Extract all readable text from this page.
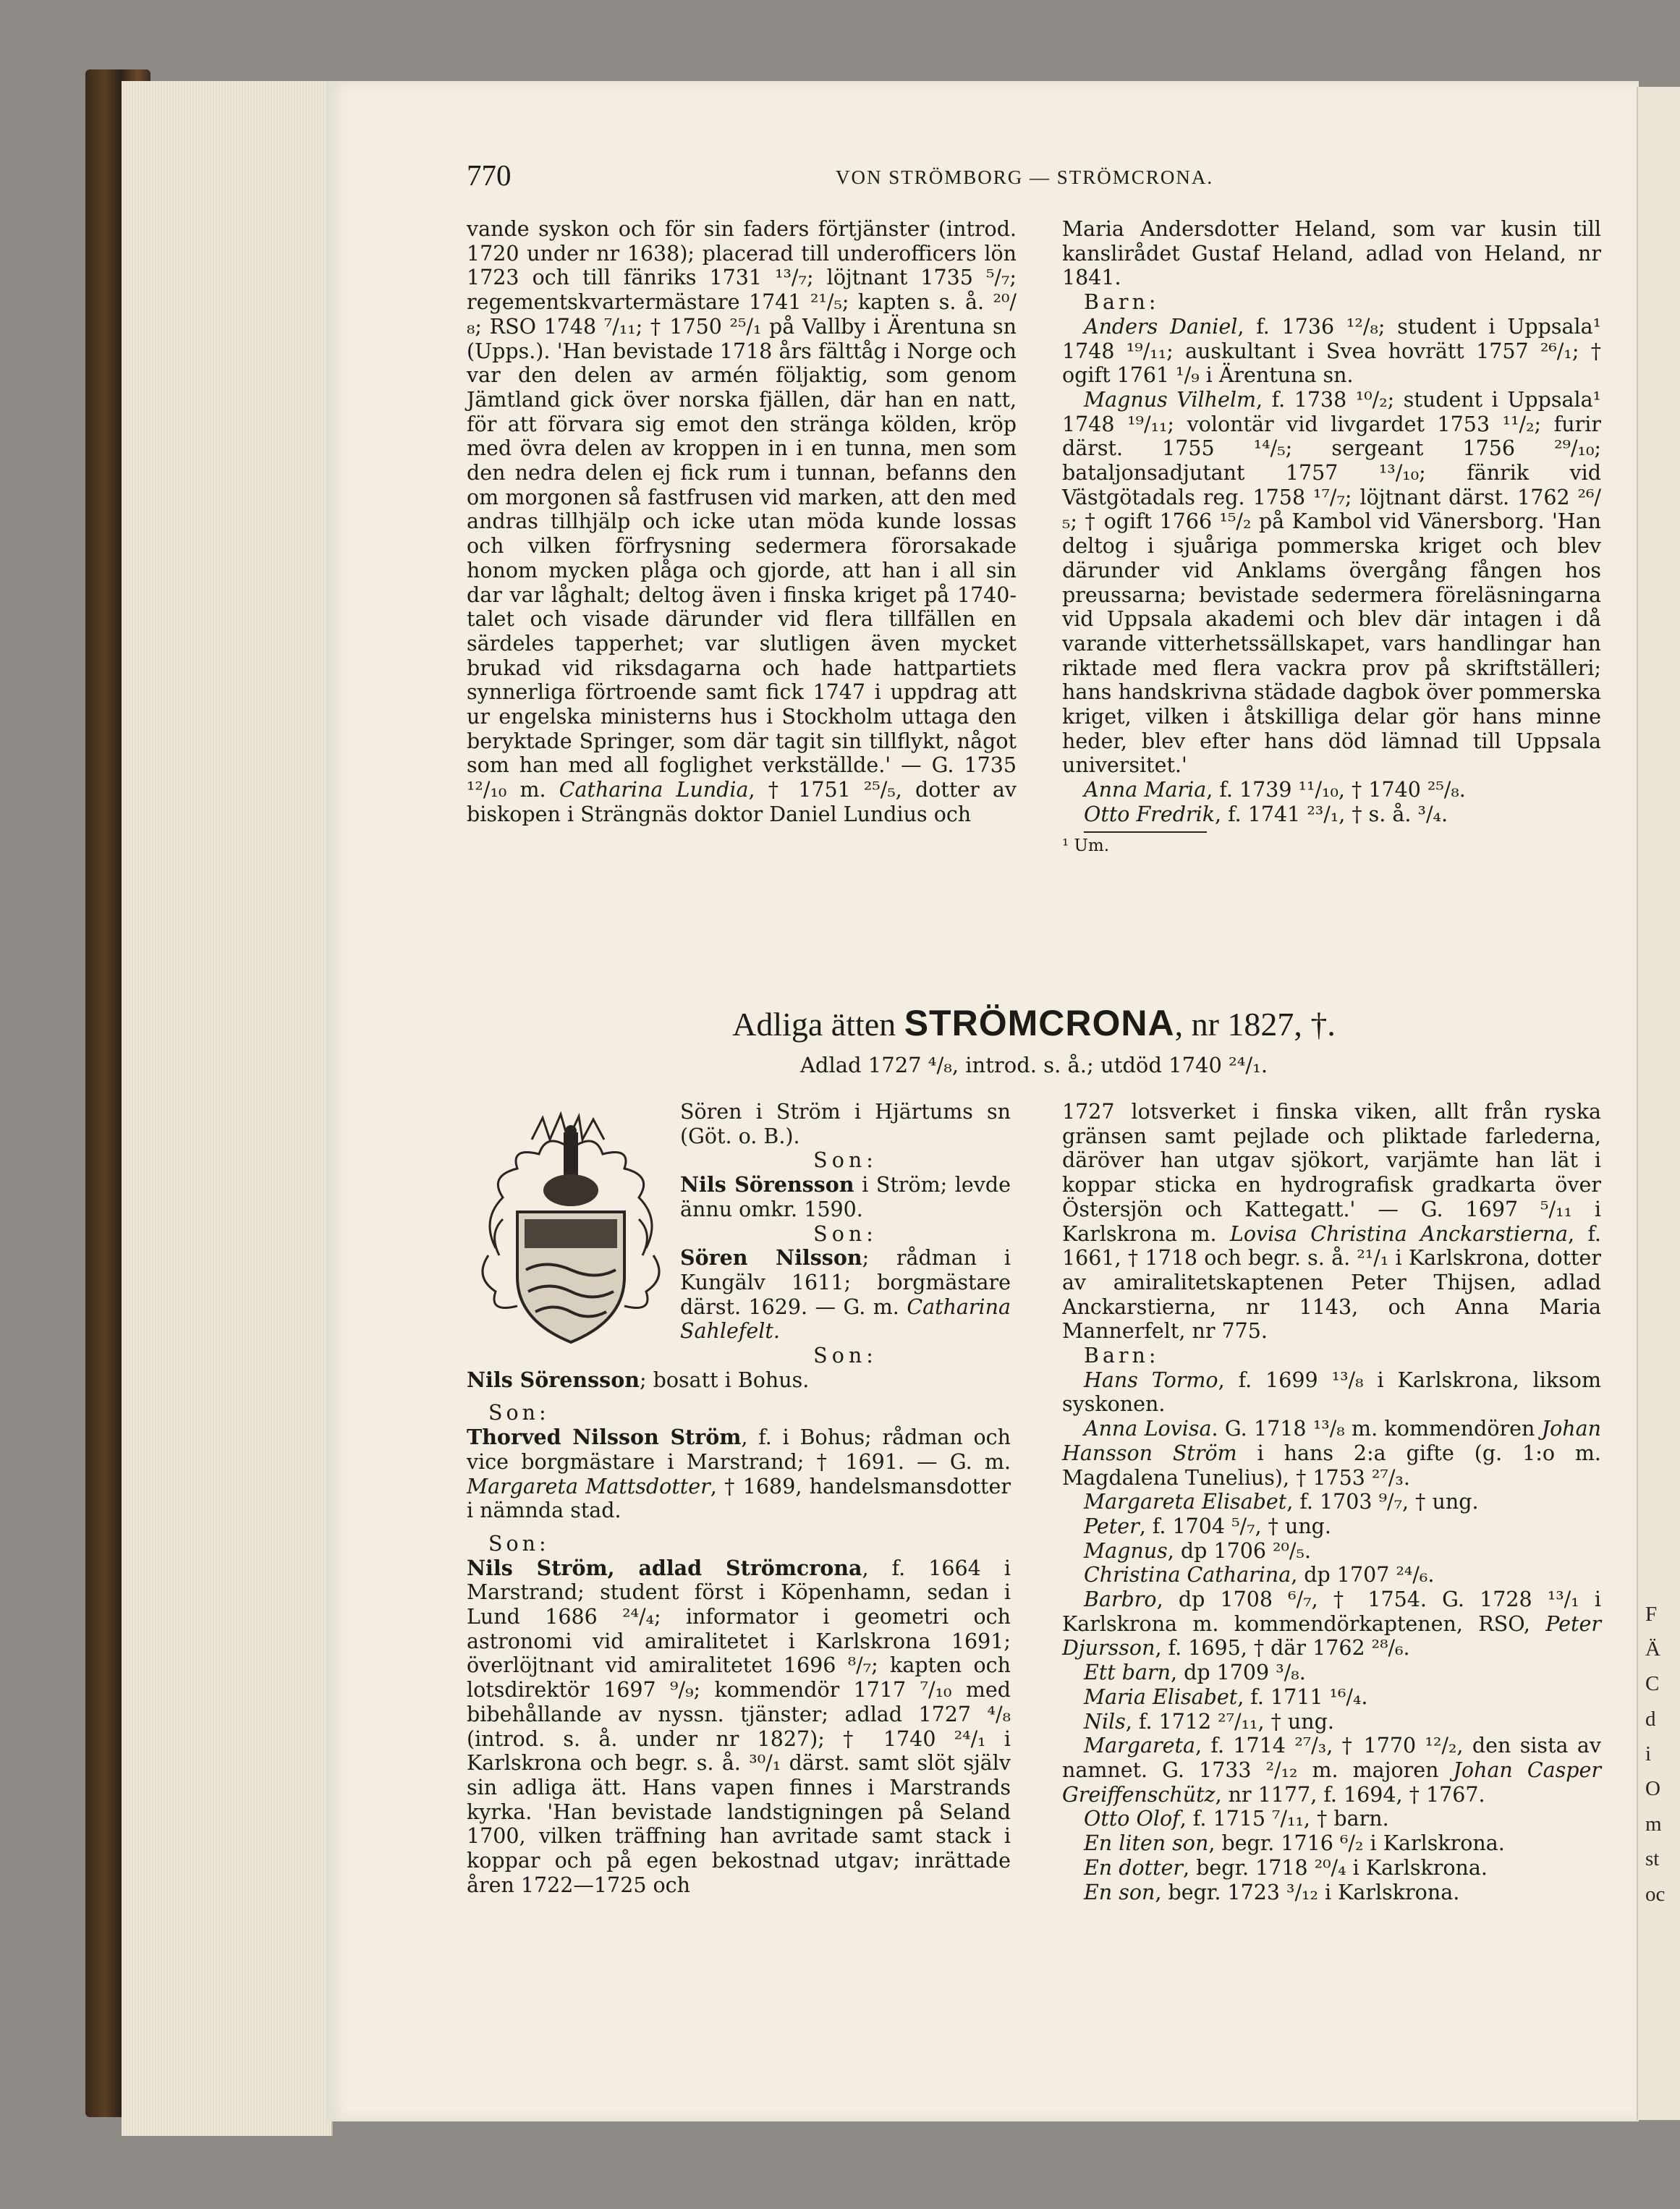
F
Ä
C
d
i
O
m
st
oc
770	VON STRÖMBORG — STRÖMCRONA.

vande syskon och för sin faders förtjänster (introd. 1720 under nr 1638); placerad till underofficers lön 1723 och till fänriks 1731 ¹³/₇; löjtnant 1735 ⁵/₇; regementskvartermästare 1741 ²¹/₅; kapten s. å. ²⁰/₈; RSO 1748 ⁷/₁₁; † 1750 ²⁵/₁ på Vallby i Ärentuna sn (Upps.). 'Han bevistade 1718 års fälttåg i Norge och var den delen av armén följaktig, som genom Jämtland gick över norska fjällen, där han en natt, för att förvara sig emot den stränga kölden, kröp med övra delen av kroppen in i en tunna, men som den nedra delen ej fick rum i tunnan, befanns den om morgonen så fastfrusen vid marken, att den med andras tillhjälp och icke utan möda kunde lossas och vilken förfrysning sedermera förorsakade honom mycken plåga och gjorde, att han i all sin dar var låghalt; deltog även i finska kriget på 1740-talet och visade därunder vid flera tillfällen en särdeles tapperhet; var slutligen även mycket brukad vid riksdagarna och hade hattpartiets synnerliga förtroende samt fick 1747 i uppdrag att ur engelska ministerns hus i Stockholm uttaga den beryktade Springer, som där tagit sin tillflykt, något som han med all foglighet verkställde.' — G. 1735 ¹²/₁₀ m. Catharina Lundia, † 1751 ²⁵/₅, dotter av biskopen i Strängnäs doktor Daniel Lundius och

Maria Andersdotter Heland, som var kusin till kanslirådet Gustaf Heland, adlad von Heland, nr 1841.

Barn:

Anders Daniel, f. 1736 ¹²/₈; student i Uppsala¹ 1748 ¹⁹/₁₁; auskultant i Svea hovrätt 1757 ²⁶/₁; † ogift 1761 ¹/₉ i Ärentuna sn.

Magnus Vilhelm, f. 1738 ¹⁰/₂; student i Uppsala¹ 1748 ¹⁹/₁₁; volontär vid livgardet 1753 ¹¹/₂; furir därst. 1755 ¹⁴/₅; sergeant 1756 ²⁹/₁₀; bataljonsadjutant 1757 ¹³/₁₀; fänrik vid Västgötadals reg. 1758 ¹⁷/₇; löjtnant därst. 1762 ²⁶/₅; † ogift 1766 ¹⁵/₂ på Kambol vid Vänersborg. 'Han deltog i sjuåriga pommerska kriget och blev därunder vid Anklams övergång fången hos preussarna; bevistade sedermera föreläsningarna vid Uppsala akademi och blev där intagen i då varande vitterhetssällskapet, vars handlingar han riktade med flera vackra prov på skriftställeri; hans handskrivna städade dagbok över pommerska kriget, vilken i åtskilliga delar gör hans minne heder, blev efter hans död lämnad till Uppsala universitet.'

Anna Maria, f. 1739 ¹¹/₁₀, † 1740 ²⁵/₈.

Otto Fredrik, f. 1741 ²³/₁, † s. å. ³/₄.

¹ Um.

Adliga ätten STRÖMCRONA, nr 1827, †.
Adlad 1727 ⁴/₈, introd. s. å.; utdöd 1740 ²⁴/₁.

Sören i Ström i Hjärtums sn (Göt. o. B.).

Son:

Nils Sörensson i Ström; levde ännu omkr. 1590.

Son:

Sören Nilsson; rådman i Kungälv 1611; borgmästare därst. 1629. — G. m. Catharina Sahlefelt.

Son:

Nils Sörensson; bosatt i Bohus.

Son:

Thorved Nilsson Ström, f. i Bohus; rådman och vice borgmästare i Marstrand; † 1691. — G. m. Margareta Mattsdotter, † 1689, handelsmansdotter i nämnda stad.

Son:

Nils Ström, adlad Strömcrona, f. 1664 i Marstrand; student först i Köpenhamn, sedan i Lund 1686 ²⁴/₄; informator i geometri och astronomi vid amiralitetet i Karlskrona 1691; överlöjtnant vid amiralitetet 1696 ⁸/₇; kapten och lotsdirektör 1697 ⁹/₉; kommendör 1717 ⁷/₁₀ med bibehållande av nyssn. tjänster; adlad 1727 ⁴/₈ (introd. s. å. under nr 1827); † 1740 ²⁴/₁ i Karlskrona och begr. s. å. ³⁰/₁ därst. samt slöt själv sin adliga ätt. Hans vapen finnes i Marstrands kyrka. 'Han bevistade landstigningen på Seland 1700, vilken träffning han avritade samt stack i koppar och på egen bekostnad utgav; inrättade åren 1722—1725 och

1727 lotsverket i finska viken, allt från ryska gränsen samt pejlade och pliktade farlederna, däröver han utgav sjökort, varjämte han lät i koppar sticka en hydrografisk gradkarta över Östersjön och Kattegatt.' — G. 1697 ⁵/₁₁ i Karlskrona m. Lovisa Christina Anckarstierna, f. 1661, † 1718 och begr. s. å. ²¹/₁ i Karlskrona, dotter av amiralitetskaptenen Peter Thijsen, adlad Anckarstierna, nr 1143, och Anna Maria Mannerfelt, nr 775.

Barn:

Hans Tormo, f. 1699 ¹³/₈ i Karlskrona, liksom syskonen.

Anna Lovisa. G. 1718 ¹³/₈ m. kommendören Johan Hansson Ström i hans 2:a gifte (g. 1:o m. Magdalena Tunelius), † 1753 ²⁷/₃.

Margareta Elisabet, f. 1703 ⁹/₇, † ung.

Peter, f. 1704 ⁵/₇, † ung.

Magnus, dp 1706 ²⁰/₅.

Christina Catharina, dp 1707 ²⁴/₆.

Barbro, dp 1708 ⁶/₇, † 1754. G. 1728 ¹³/₁ i Karlskrona m. kommendörkaptenen, RSO, Peter Djursson, f. 1695, † där 1762 ²⁸/₆.

Ett barn, dp 1709 ³/₈.

Maria Elisabet, f. 1711 ¹⁶/₄.

Nils, f. 1712 ²⁷/₁₁, † ung.

Margareta, f. 1714 ²⁷/₃, † 1770 ¹²/₂, den sista av namnet. G. 1733 ²/₁₂ m. majoren Johan Casper Greiffenschütz, nr 1177, f. 1694, † 1767.

Otto Olof, f. 1715 ⁷/₁₁, † barn.

En liten son, begr. 1716 ⁶/₂ i Karlskrona.

En dotter, begr. 1718 ²⁰/₄ i Karlskrona.

En son, begr. 1723 ³/₁₂ i Karlskrona.
